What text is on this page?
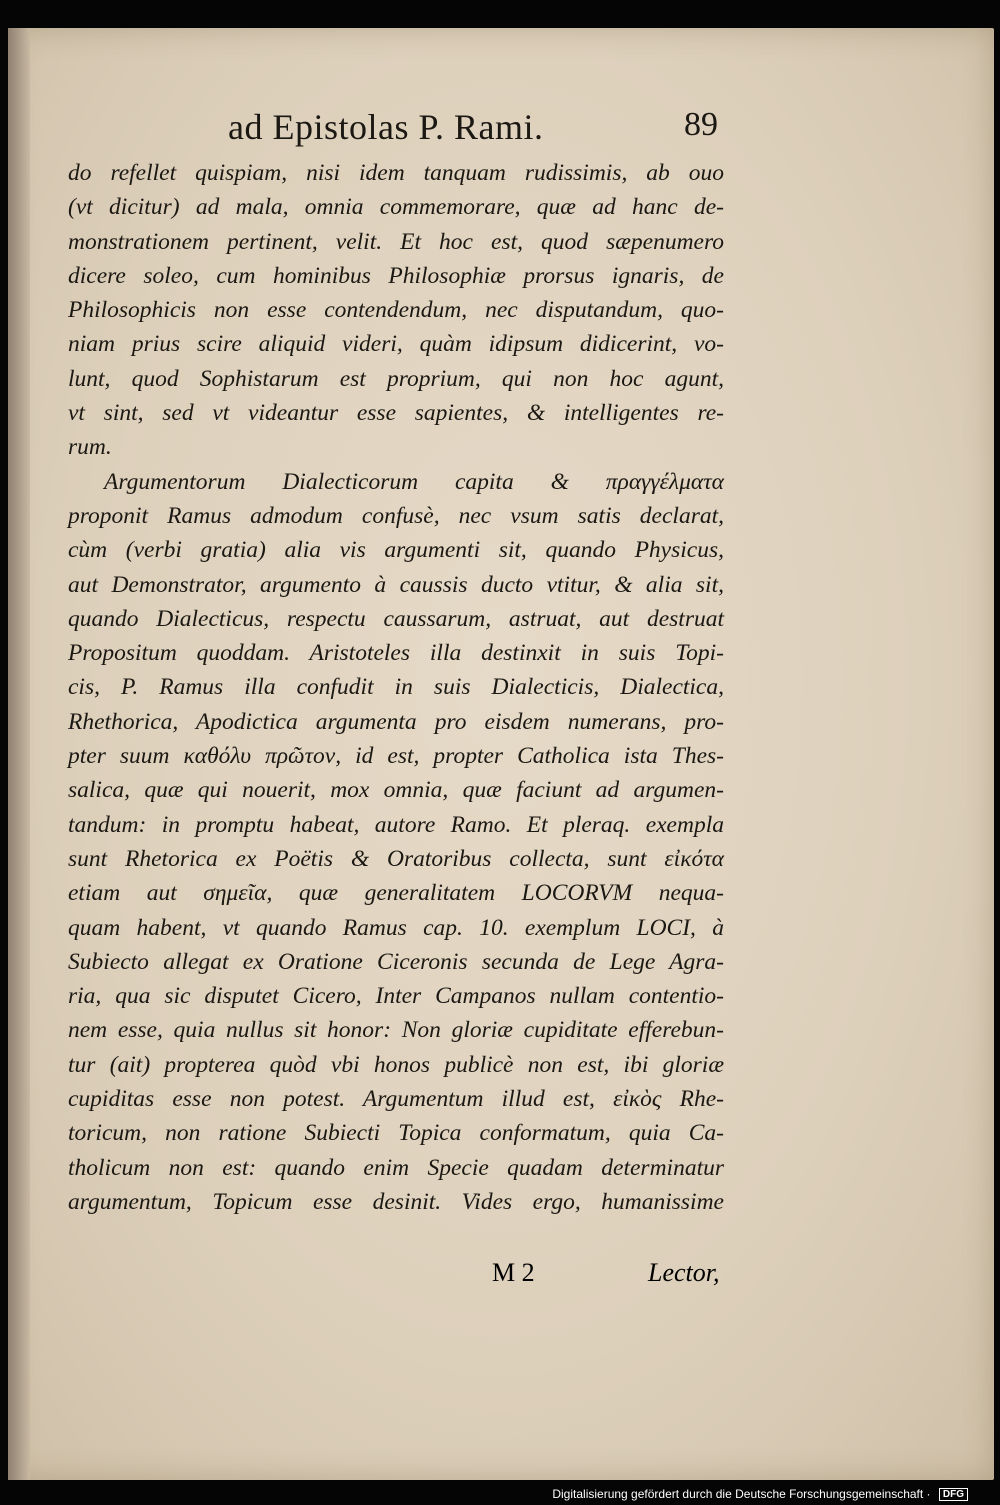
ad Epistolas P. Rami.	89
do refellet quispiam, nisi idem tanquam rudissimis, ab ouo
(vt dicitur) ad mala, omnia commemorare, quæ ad hanc de-
monstrationem pertinent, velit. Et hoc est, quod sæpenumero
dicere soleo, cum hominibus Philosophiæ prorsus ignaris, de
Philosophicis non esse contendendum, nec disputandum, quo-
niam prius scire aliquid videri, quàm idipsum didicerint, vo-
lunt, quod Sophistarum est proprium, qui non hoc agunt,
vt sint, sed vt videantur esse sapientes, & intelligentes re-
rum.
Argumentorum Dialecticorum capita & πραγγέλματα
proponit Ramus admodum confusè, nec vsum satis declarat,
cùm (verbi gratia) alia vis argumenti sit, quando Physicus,
aut Demonstrator, argumento à caussis ducto vtitur, & alia sit,
quando Dialecticus, respectu caussarum, astruat, aut destruat
Propositum quoddam. Aristoteles illa destinxit in suis Topi-
cis, P. Ramus illa confudit in suis Dialecticis, Dialectica,
Rhethorica, Apodictica argumenta pro eisdem numerans, pro-
pter suum καθόλυ πρῶτον, id est, propter Catholica ista Thes-
salica, quæ qui nouerit, mox omnia, quæ faciunt ad argumen-
tandum: in promptu habeat, autore Ramo. Et pleraq. exempla
sunt Rhetorica ex Poëtis & Oratoribus collecta, sunt εἰκότα
etiam aut σημεῖα, quæ generalitatem LOCORVM nequa-
quam habent, vt quando Ramus cap. 10. exemplum LOCI, à
Subiecto allegat ex Oratione Ciceronis secunda de Lege Agra-
ria, qua sic disputet Cicero, Inter Campanos nullam contentio-
nem esse, quia nullus sit honor: Non gloriæ cupiditate efferebun-
tur (ait) propterea quòd vbi honos publicè non est, ibi gloriæ
cupiditas esse non potest. Argumentum illud est, εἰκὸς Rhe-
toricum, non ratione Subiecti Topica conformatum, quia Ca-
tholicum non est: quando enim Specie quadam determinatur
argumentum, Topicum esse desinit. Vides ergo, humanissime
M 2	Lector,
Digitalisierung gefördert durch die Deutsche Forschungsgemeinschaft · DFG
